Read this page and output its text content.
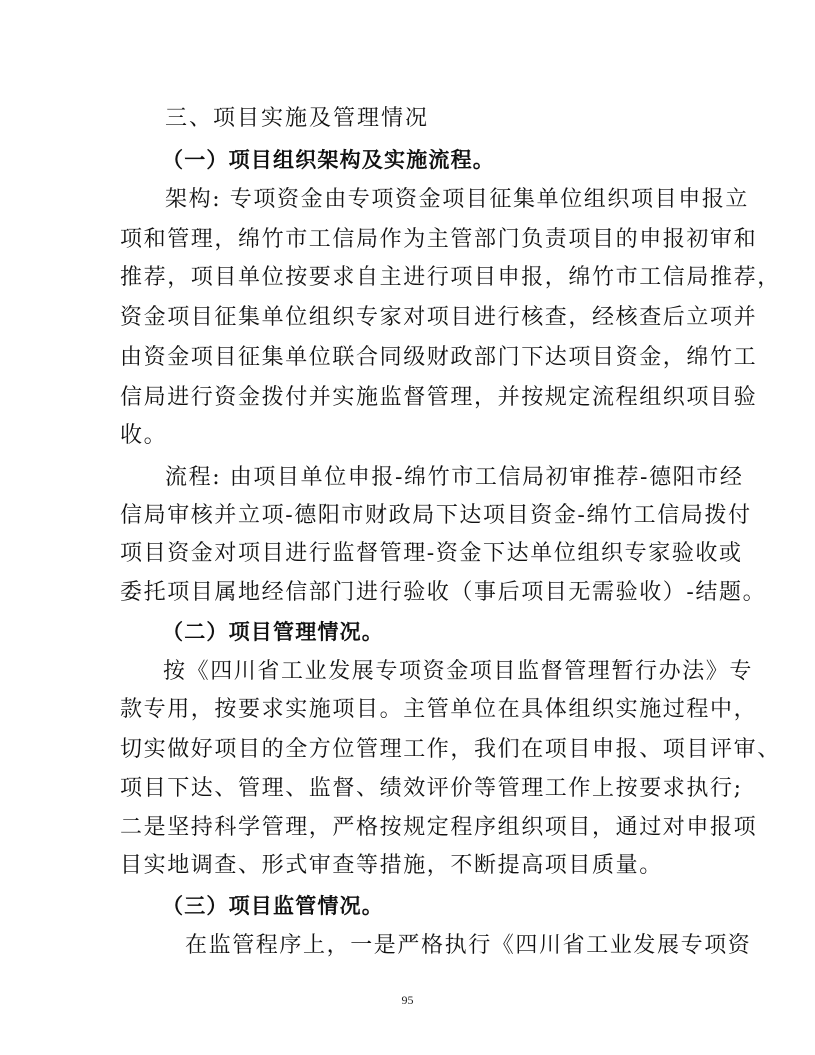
三、项目实施及管理情况
（一）项目组织架构及实施流程。
架构: 专项资金由专项资金项目征集单位组织项目申报立
项和管理，绵竹市工信局作为主管部门负责项目的申报初审和
推荐，项目单位按要求自主进行项目申报，绵竹市工信局推荐，
资金项目征集单位组织专家对项目进行核查，经核查后立项并
由资金项目征集单位联合同级财政部门下达项目资金，绵竹工
信局进行资金拨付并实施监督管理，并按规定流程组织项目验
收。
流程: 由项目单位申报-绵竹市工信局初审推荐-德阳市经
信局审核并立项-德阳市财政局下达项目资金-绵竹工信局拨付
项目资金对项目进行监督管理-资金下达单位组织专家验收或
委托项目属地经信部门进行验收（事后项目无需验收）-结题。
（二）项目管理情况。
按《四川省工业发展专项资金项目监督管理暂行办法》专
款专用，按要求实施项目。主管单位在具体组织实施过程中，
切实做好项目的全方位管理工作，我们在项目申报、项目评审、
项目下达、管理、监督、绩效评价等管理工作上按要求执行;
二是坚持科学管理，严格按规定程序组织项目，通过对申报项
目实地调查、形式审查等措施，不断提高项目质量。
（三）项目监管情况。
在监管程序上，一是严格执行《四川省工业发展专项资
95
